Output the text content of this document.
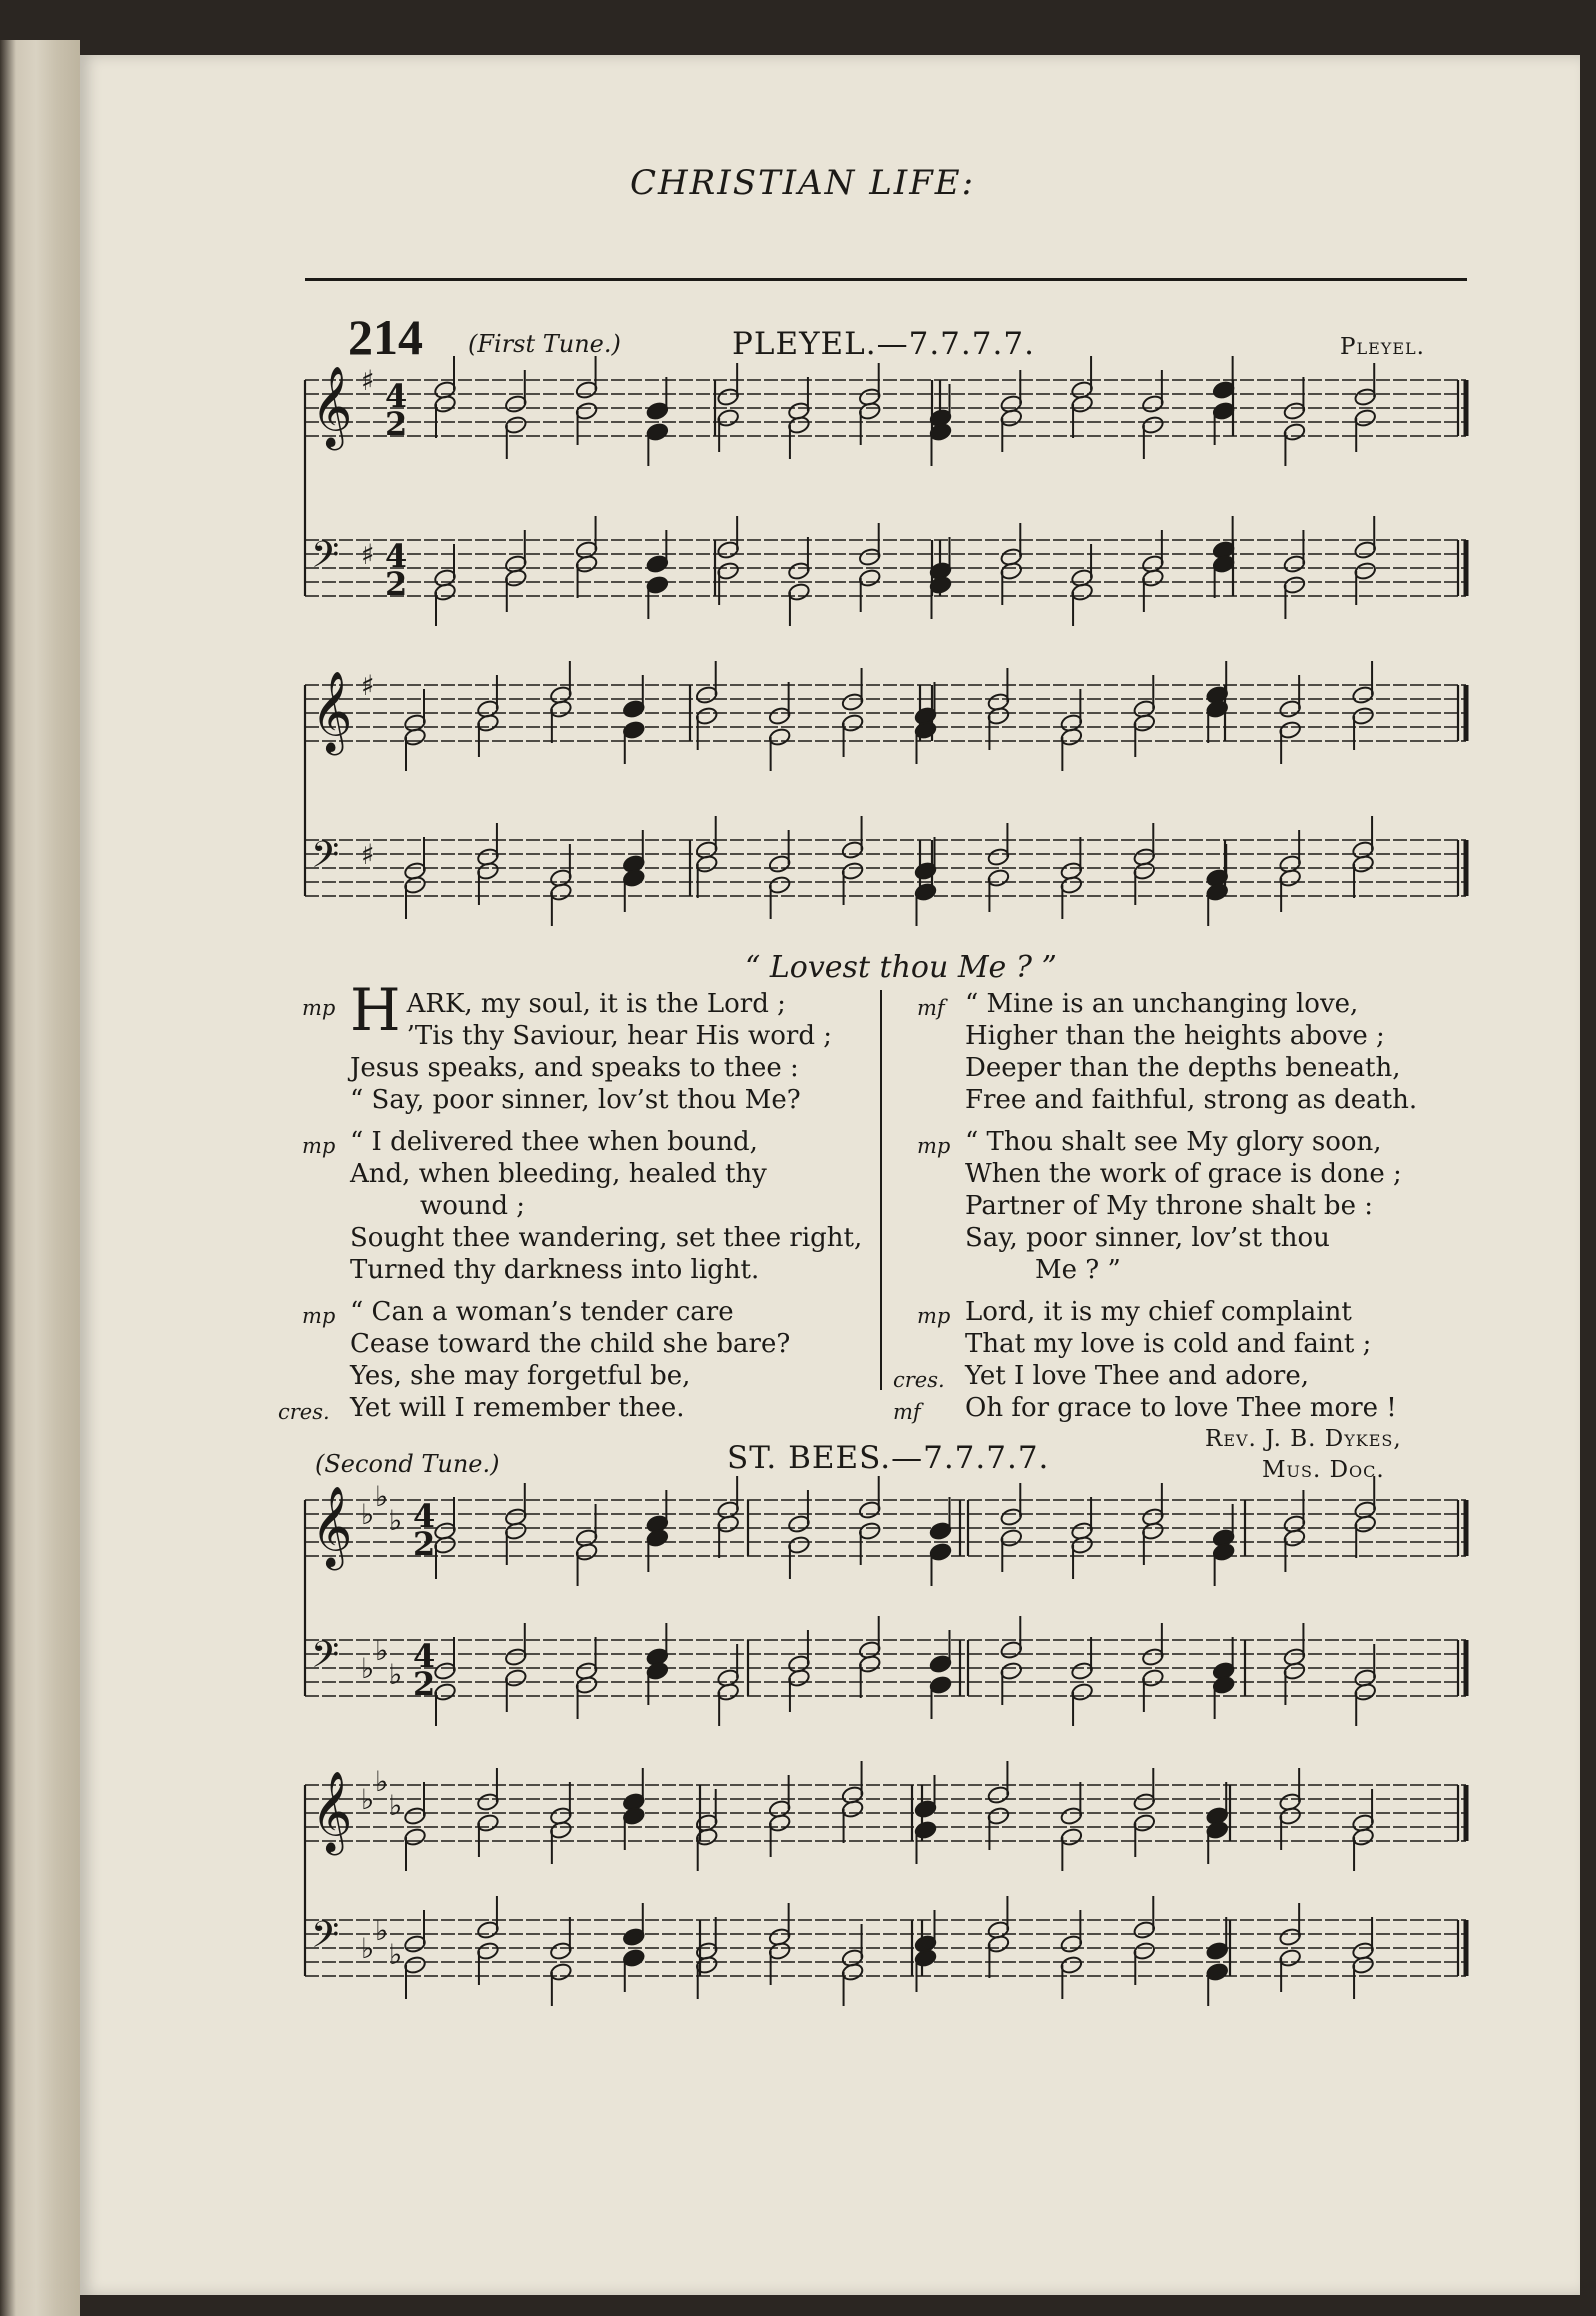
CHRISTIAN LIFE:
214 (First Tune.)	PLEYEL.—7.7.7.7.	Pleyel.
𝄞 ♯ 4
2
𝄢 ♯ 4
2
𝄞 ♯
𝄢 ♯
𝄞 ♭
♭
♭ 4
2
𝄢 ♭
♭
♭ 4
2
𝄞 ♭
♭
♭
𝄢 ♭
♭
♭
“ Lovest thou Me ? ”
mp H ARK, my soul, it is the Lord ;
’Tis thy Saviour, hear His word ;
Jesus speaks, and speaks to thee :
“ Say, poor sinner, lov’st thou Me?
mp “ I delivered thee when bound,
And, when bleeding, healed thy
wound ;
Sought thee wandering, set thee right,
Turned thy darkness into light.
mp “ Can a woman’s tender care
Cease toward the child she bare?
Yes, she may forgetful be,
Yet will I remember thee.
cres.
mf “ Mine is an unchanging love,
Higher than the heights above ;
Deeper than the depths beneath,
Free and faithful, strong as death.
mp “ Thou shalt see My glory soon,
When the work of grace is done ;
Partner of My throne shalt be :
Say, poor sinner, lov’st thou
Me ? ”
mp Lord, it is my chief complaint
That my love is cold and faint ;
Yet I love Thee and adore,
cres.
Oh for grace to love Thee more !
mf
(Second Tune.)	ST. BEES.—7.7.7.7.
Rev. J. B. Dykes,
Mus. Doc.
